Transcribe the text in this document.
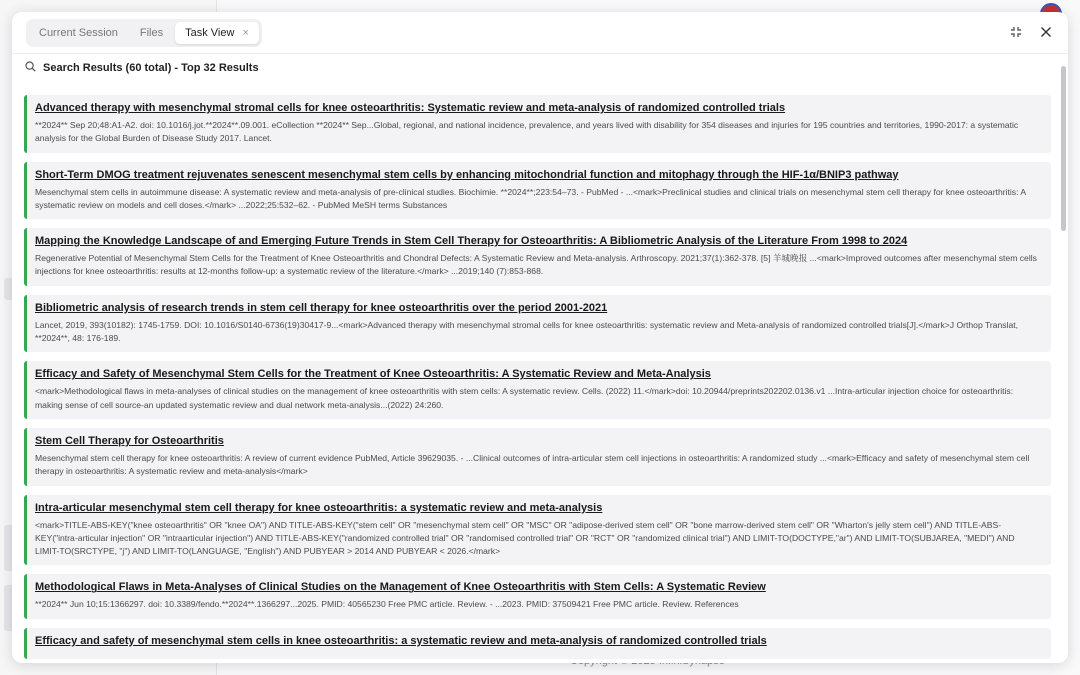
Current Session	Files	Task View ×
Search Results (60 total) - Top 32 Results
Advanced therapy with mesenchymal stromal cells for knee osteoarthritis: Systematic review and meta-analysis of randomized controlled trials
**2024** Sep 20;48:A1-A2. doi: 10.1016/j.jot.**2024**.09.001. eCollection **2024** Sep...Global, regional, and national incidence, prevalence, and years lived with disability for 354 diseases and injuries for 195 countries and territories, 1990-2017: a systematic analysis for the Global Burden of Disease Study 2017. Lancet.
Short-Term DMOG treatment rejuvenates senescent mesenchymal stem cells by enhancing mitochondrial function and mitophagy through the HIF-1α/BNIP3 pathway
Mesenchymal stem cells in autoimmune disease: A systematic review and meta-analysis of pre-clinical studies. Biochimie. **2024**;223:54–73. - PubMed - ...<mark>Preclinical studies and clinical trials on mesenchymal stem cell therapy for knee osteoarthritis: A systematic review on models and cell doses.</mark> ...2022;25:532–62. - PubMed MeSH terms Substances
Mapping the Knowledge Landscape of and Emerging Future Trends in Stem Cell Therapy for Osteoarthritis: A Bibliometric Analysis of the Literature From 1998 to 2024
Regenerative Potential of Mesenchymal Stem Cells for the Treatment of Knee Osteoarthritis and Chondral Defects: A Systematic Review and Meta-analysis. Arthroscopy. 2021;37(1):362-378. [5] 羊城晚报 ...<mark>Improved outcomes after mesenchymal stem cells injections for knee osteoarthritis: results at 12-months follow-up: a systematic review of the literature.</mark> ...2019;140 (7):853-868.
Bibliometric analysis of research trends in stem cell therapy for knee osteoarthritis over the period 2001-2021
Lancet, 2019, 393(10182): 1745-1759. DOI: 10.1016/S0140-6736(19)30417-9...<mark>Advanced therapy with mesenchymal stromal cells for knee osteoarthritis: systematic review and Meta-analysis of randomized controlled trials[J].</mark>J Orthop Translat, **2024**, 48: 176-189.
Efficacy and Safety of Mesenchymal Stem Cells for the Treatment of Knee Osteoarthritis: A Systematic Review and Meta-Analysis
<mark>Methodological flaws in meta-analyses of clinical studies on the management of knee osteoarthritis with stem cells: A systematic review. Cells. (2022) 11.</mark>doi: 10.20944/preprints202202.0136.v1 ...Intra-articular injection choice for osteoarthritis: making sense of cell source-an updated systematic review and dual network meta-analysis...(2022) 24:260.
Stem Cell Therapy for Osteoarthritis
Mesenchymal stem cell therapy for knee osteoarthritis: A review of current evidence PubMed, Article 39629035. - ...Clinical outcomes of intra-articular stem cell injections in osteoarthritis: A randomized study ...<mark>Efficacy and safety of mesenchymal stem cell therapy in osteoarthritis: A systematic review and meta-analysis</mark>
Intra-articular mesenchymal stem cell therapy for knee osteoarthritis: a systematic review and meta-analysis
<mark>TITLE-ABS-KEY("knee osteoarthritis" OR "knee OA") AND TITLE-ABS-KEY("stem cell" OR "mesenchymal stem cell" OR "MSC" OR "adipose-derived stem cell" OR "bone marrow-derived stem cell" OR "Wharton's jelly stem cell") AND TITLE-ABS-KEY("intra-articular injection" OR "intraarticular injection") AND TITLE-ABS-KEY("randomized controlled trial" OR "randomised controlled trial" OR "RCT" OR "randomized clinical trial") AND LIMIT-TO(DOCTYPE,"ar") AND LIMIT-TO(SUBJAREA, "MEDI") AND LIMIT-TO(SRCTYPE, "j") AND LIMIT-TO(LANGUAGE, "English") AND PUBYEAR > 2014 AND PUBYEAR < 2026.</mark>
Methodological Flaws in Meta-Analyses of Clinical Studies on the Management of Knee Osteoarthritis with Stem Cells: A Systematic Review
**2024** Jun 10;15:1366297. doi: 10.3389/fendo.**2024**.1366297...2025. PMID: 40565230 Free PMC article. Review. - ...2023. PMID: 37509421 Free PMC article. Review. References
Efficacy and safety of mesenchymal stem cells in knee osteoarthritis: a systematic review and meta-analysis of randomized controlled trials
